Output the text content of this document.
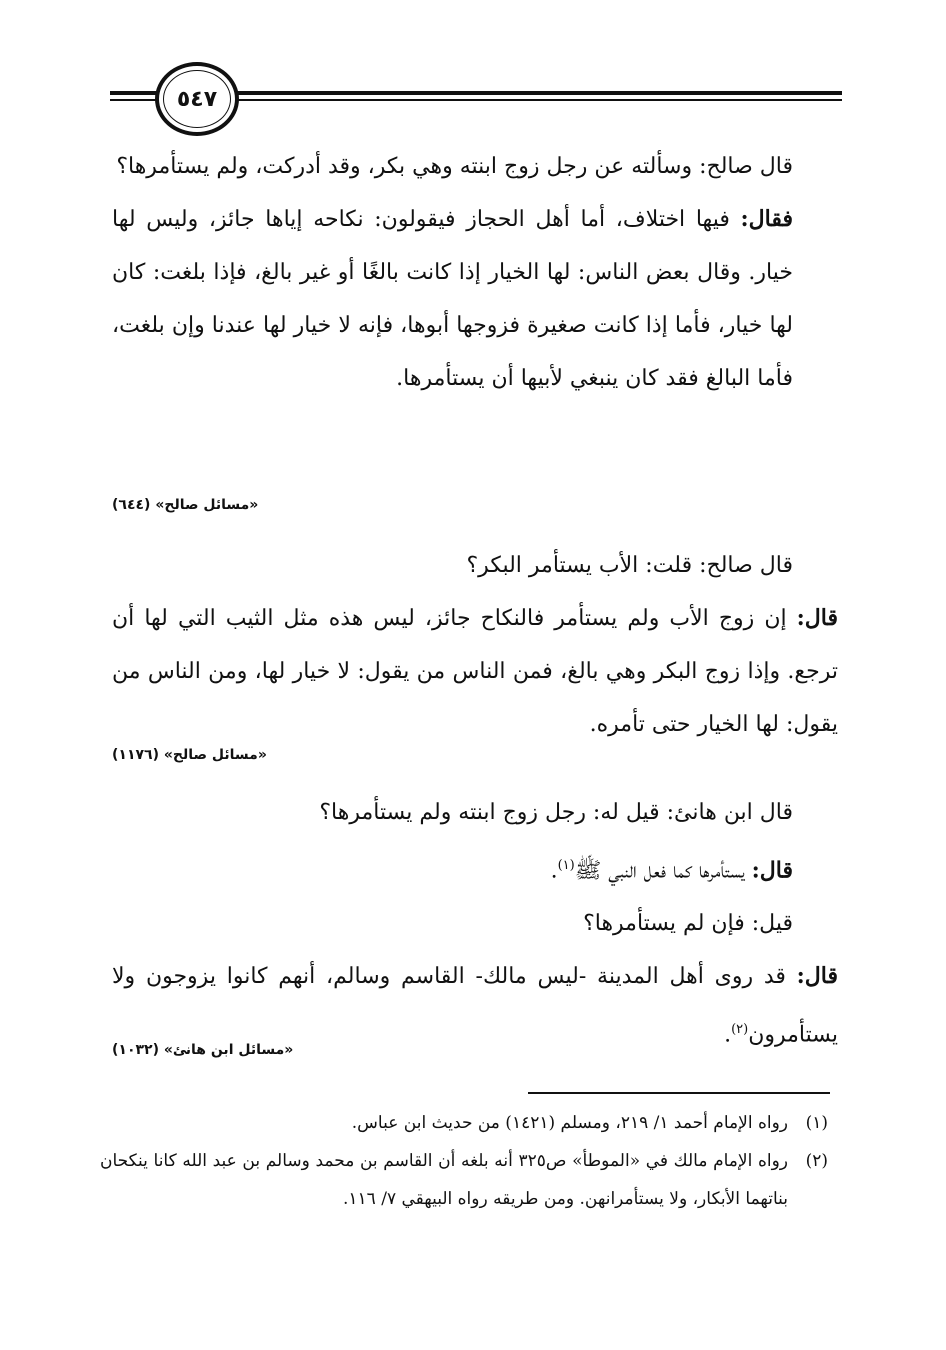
٥٤٧

قال صالح: وسألته عن رجل زوج ابنته وهي بكر، وقد أدركت، ولم يستأمرها؟

فقال: فيها اختلاف، أما أهل الحجاز فيقولون: نكاحه إياها جائز، وليس لها خيار. وقال بعض الناس: لها الخيار إذا كانت بالغًا أو غير بالغ، فإذا بلغت: كان لها خيار، فأما إذا كانت صغيرة فزوجها أبوها، فإنه لا خيار لها عندنا وإن بلغت، فأما البالغ فقد كان ينبغي لأبيها أن يستأمرها.

«مسائل صالح» (٦٤٤)

قال صالح: قلت: الأب يستأمر البكر؟

قال: إن زوج الأب ولم يستأمر فالنكاح جائز، ليس هذه مثل الثيب التي لها أن ترجع. وإذا زوج البكر وهي بالغ، فمن الناس من يقول: لا خيار لها، ومن الناس من يقول: لها الخيار حتى تأمره.

«مسائل صالح» (١١٧٦)

قال ابن هانئ: قيل له: رجل زوج ابنته ولم يستأمرها؟

قال: يستأمرها كما فعل النبي ﷺ$^{(١)}$.

قيل: فإن لم يستأمرها؟

قال: قد روى أهل المدينة -ليس مالك- القاسم وسالم، أنهم كانوا يزوجون ولا يستأمرون$^{(٢)}$.

«مسائل ابن هانئ» (١٠٣٢)
(١)
رواه الإمام أحمد ١/ ٢١٩، ومسلم (١٤٢١) من حديث ابن عباس.
(٢)
رواه الإمام مالك في «الموطأ» ص٣٢٥ أنه بلغه أن القاسم بن محمد وسالم بن عبد الله كانا ينكحان بناتهما الأبكار، ولا يستأمرانهن. ومن طريقه رواه البيهقي ٧/ ١١٦.
